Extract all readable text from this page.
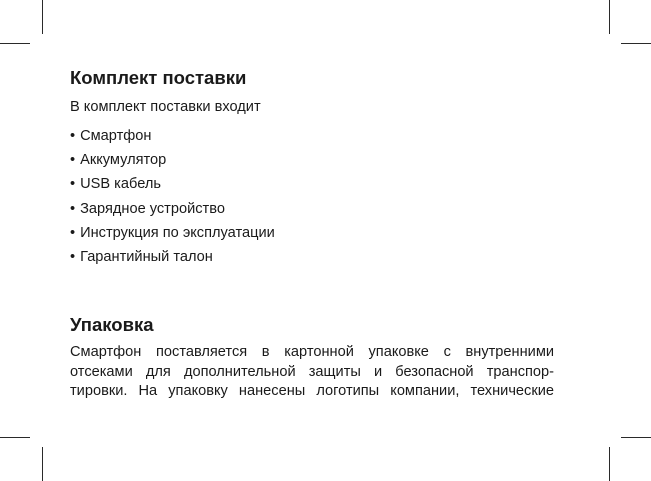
Комплект поставки
В комплект поставки входит
• Смартфон
• Аккумулятор
• USB кабель
• Зарядное устройство
• Инструкция по эксплуатации
• Гарантийный талон
Упаковка

Смартфон поставляется в картонной упаковке с внутренними
отсеками для дополнительной защиты и безопасной транспор-
тировки. На упаковку нанесены логотипы компании, технические
